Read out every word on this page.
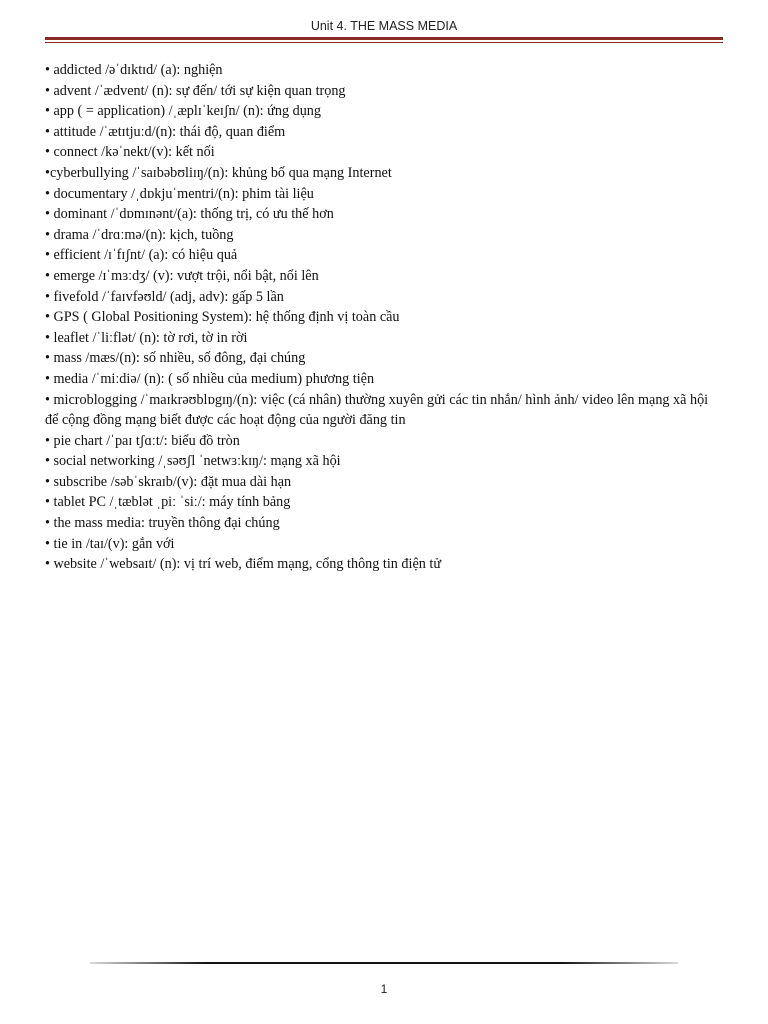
Unit 4. THE MASS MEDIA
• addicted /əˈdɪktɪd/ (a): nghiện
• advent /ˈædvent/ (n): sự đến/ tới sự kiện quan trọng
• app ( = application) /ˌæplɪˈkeɪʃn/ (n): ứng dụng
• attitude /ˈætɪtjuːd/(n): thái độ, quan điểm
• connect /kəˈnekt/(v): kết nối
•cyberbullying /ˈsaɪbəbʊliɪŋ/(n): khủng bố qua mạng Internet
• documentary /ˌdɒkjuˈmentri/(n): phim tài liệu
• dominant /ˈdɒmɪnənt/(a): thống trị, có ưu thế hơn
• drama /ˈdrɑːmə/(n): kịch, tuồng
• efficient /ɪˈfɪʃnt/ (a): có hiệu quả
• emerge /ɪˈmɜːdʒ/ (v): vượt trội, nổi bật, nổi lên
• fivefold /ˈfaɪvfəʊld/ (adj, adv): gấp 5 lần
• GPS ( Global Positioning System): hệ thống định vị toàn cầu
• leaflet /ˈliːflət/ (n): tờ rơi, tờ in rời
• mass /mæs/(n): số nhiều, số đông, đại chúng
• media /ˈmiːdiə/ (n): ( số nhiều của medium) phương tiện
• microblogging /ˈmaɪkrəʊblɒgɪŋ/(n): việc (cá nhân) thường xuyên gửi các tin nhắn/ hình ảnh/ video lên mạng xã hội để cộng đồng mạng biết được các hoạt động của người đăng tin
• pie chart /ˈpaɪ tʃɑːt/: biểu đồ tròn
• social networking /ˌsəʊʃl ˈnetwɜːkɪŋ/: mạng xã hội
• subscribe /səbˈskraɪb/(v): đặt mua dài hạn
• tablet PC /ˌtæblət ˌpiː ˈsiː/: máy tính bảng
• the mass media: truyền thông đại chúng
• tie in /taɪ/(v): gắn với
• website /ˈwebsaɪt/ (n): vị trí web, điểm mạng, cổng thông tin điện tử
1
